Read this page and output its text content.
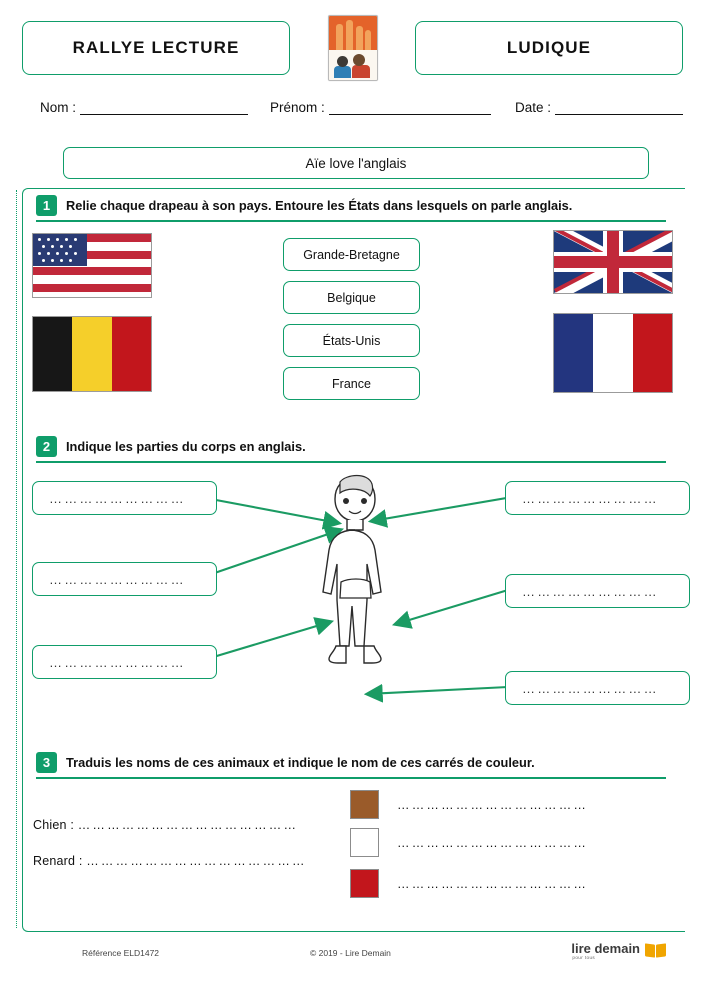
RALLYE LECTURE	LUDIQUE
Nom :	Prénom :	Date :
Aïe love l'anglais
1	Relie chaque drapeau à son pays. Entoure les États dans lesquels on parle anglais.
Grande-Bretagne
Belgique
États-Unis
France
2	Indique les parties du corps en anglais.
………………………
………………………
………………………
………………………
………………………
………………………
3	Traduis les noms de ces animaux et indique le nom de ces carrés de couleur.
Chien : ………………………………………
Renard : ………………………………………
…………………………………
…………………………………
…………………………………
Référence ELD1472	© 2019 - Lire Demain	lire demain
pour tous
